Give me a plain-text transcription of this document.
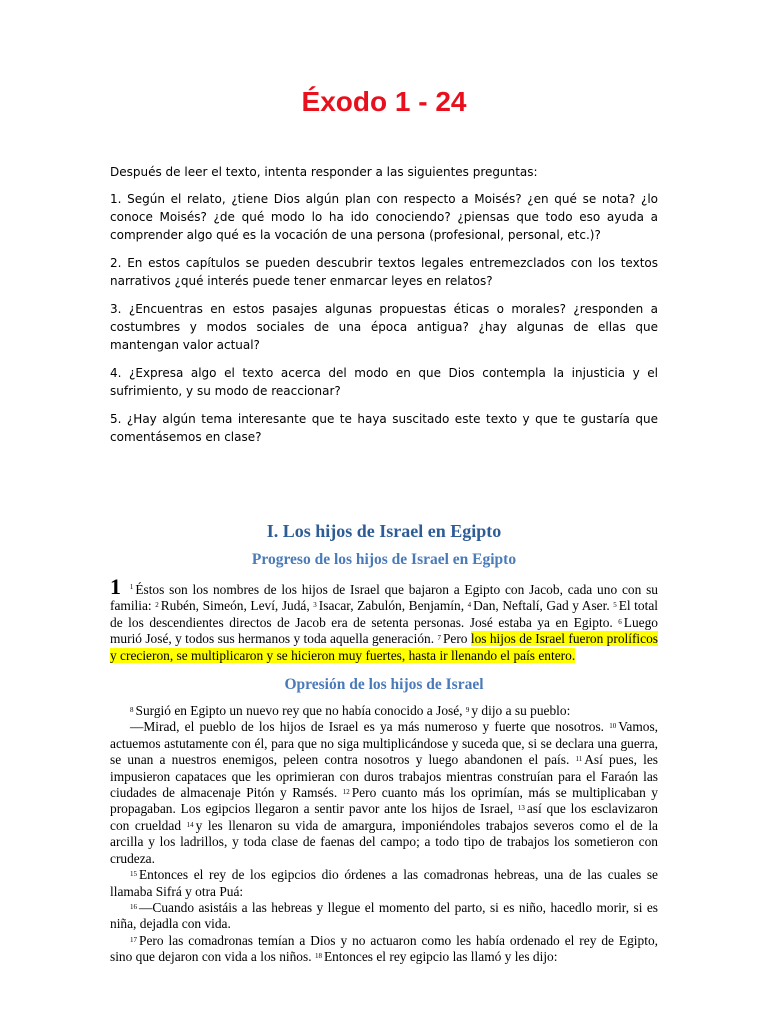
Éxodo 1 - 24

Después de leer el texto, intenta responder a las siguientes preguntas:

1. Según el relato, ¿tiene Dios algún plan con respecto a Moisés? ¿en qué se nota? ¿lo conoce Moisés? ¿de qué modo lo ha ido conociendo? ¿piensas que todo eso ayuda a comprender algo qué es la vocación de una persona (profesional, personal, etc.)?

2. En estos capítulos se pueden descubrir textos legales entremezclados con los textos narrativos ¿qué interés puede tener enmarcar leyes en relatos?

3. ¿Encuentras en estos pasajes algunas propuestas éticas o morales? ¿responden a costumbres y modos sociales de una época antigua? ¿hay algunas de ellas que mantengan valor actual?

4. ¿Expresa algo el texto acerca del modo en que Dios contempla la injusticia y el sufrimiento, y su modo de reaccionar?

5. ¿Hay algún tema interesante que te haya suscitado este texto y que te gustaría que comentásemos en clase?

I. Los hijos de Israel en Egipto
Progreso de los hijos de Israel en Egipto

1 $^1$ Éstos son los nombres de los hijos de Israel que bajaron a Egipto con Jacob, cada uno con su familia: $^2$ Rubén, Simeón, Leví, Judá, $^3$ Isacar, Zabulón, Benjamín, $^4$ Dan, Neftalí, Gad y Aser. $^5$ El total de los descendientes directos de Jacob era de setenta personas. José estaba ya en Egipto. $^6$ Luego murió José, y todos sus hermanos y toda aquella generación. $^7$ Pero los hijos de Israel fueron prolíficos y crecieron, se multiplicaron y se hicieron muy fuertes, hasta ir llenando el país entero.

Opresión de los hijos de Israel

$^8$ Surgió en Egipto un nuevo rey que no había conocido a José, $^9$ y dijo a su pueblo:

—Mirad, el pueblo de los hijos de Israel es ya más numeroso y fuerte que nosotros. $^{10}$ Vamos, actuemos astutamente con él, para que no siga multiplicándose y suceda que, si se declara una guerra, se unan a nuestros enemigos, peleen contra nosotros y luego abandonen el país. $^{11}$ Así pues, les impusieron capataces que les oprimieran con duros trabajos mientras construían para el Faraón las ciudades de almacenaje Pitón y Ramsés. $^{12}$ Pero cuanto más los oprimían, más se multiplicaban y propagaban. Los egipcios llegaron a sentir pavor ante los hijos de Israel, $^{13}$ así que los esclavizaron con crueldad $^{14}$ y les llenaron su vida de amargura, imponiéndoles trabajos severos como el de la arcilla y los ladrillos, y toda clase de faenas del campo; a todo tipo de trabajos los sometieron con crudeza.

$^{15}$ Entonces el rey de los egipcios dio órdenes a las comadronas hebreas, una de las cuales se llamaba Sifrá y otra Puá:

$^{16}$ —Cuando asistáis a las hebreas y llegue el momento del parto, si es niño, hacedlo morir, si es niña, dejadla con vida.

$^{17}$ Pero las comadronas temían a Dios y no actuaron como les había ordenado el rey de Egipto, sino que dejaron con vida a los niños. $^{18}$ Entonces el rey egipcio las llamó y les dijo:
